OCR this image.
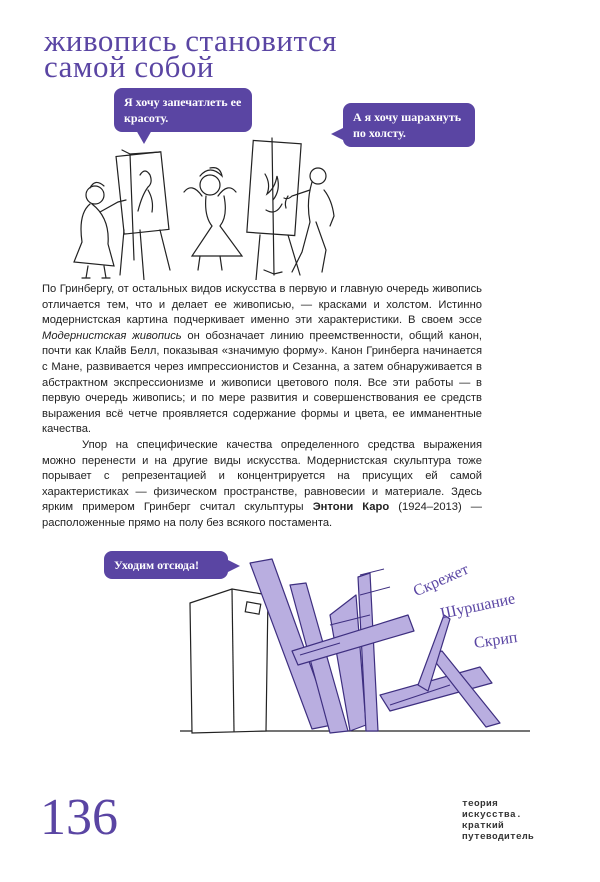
живопись становится
самой собой
Я хочу запечатлеть ее красоту.	А я хочу шарахнуть по холсту.

По Гринбергу, от остальных видов искусства в первую и главную очередь живопись отличается тем, что и делает ее живописью, — красками и холстом. Истинно модернистская картина подчеркивает именно эти характеристики. В своем эссе Модернистская живопись он обозначает линию преемственности, общий канон, почти как Клайв Белл, показывая «значимую форму». Канон Гринберга начинается с Мане, развивается через импрессионистов и Сезанна, а затем обнаруживается в абстрактном экспрессионизме и живописи цветового поля. Все эти работы — в первую очередь живопись; и по мере развития и совершенствования ее средств выражения всё четче проявляется содержание формы и цвета, ее имманентные качества.

Упор на специфические качества определенного средства выражения можно перенести и на другие виды искусства. Модернистская скульптура тоже порывает с репрезентацией и концентрируется на присущих ей самой характеристиках — физическом пространстве, равновесии и материале. Здесь ярким примером Гринберг считал скульптуры Энтони Каро (1924–2013) — расположенные прямо на полу без всякого постамента.

Уходим отсюда!	Скрежет
Шуршание
Скрип
136	теория
искусства.
краткий
путеводитель
